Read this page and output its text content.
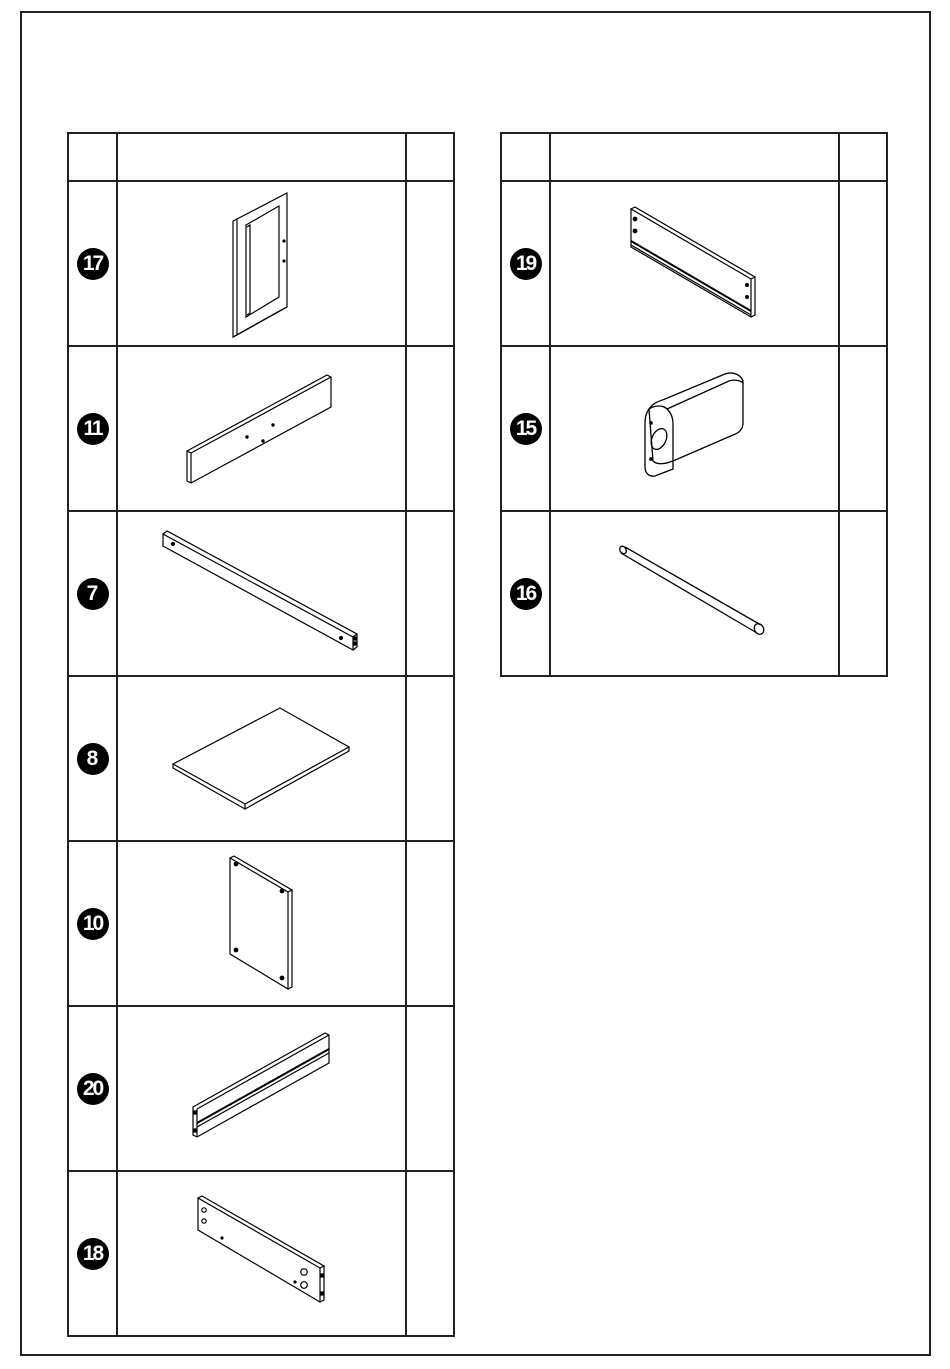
17	

11	

7	

8	

10	

20	

18	

19	

15	

16	
